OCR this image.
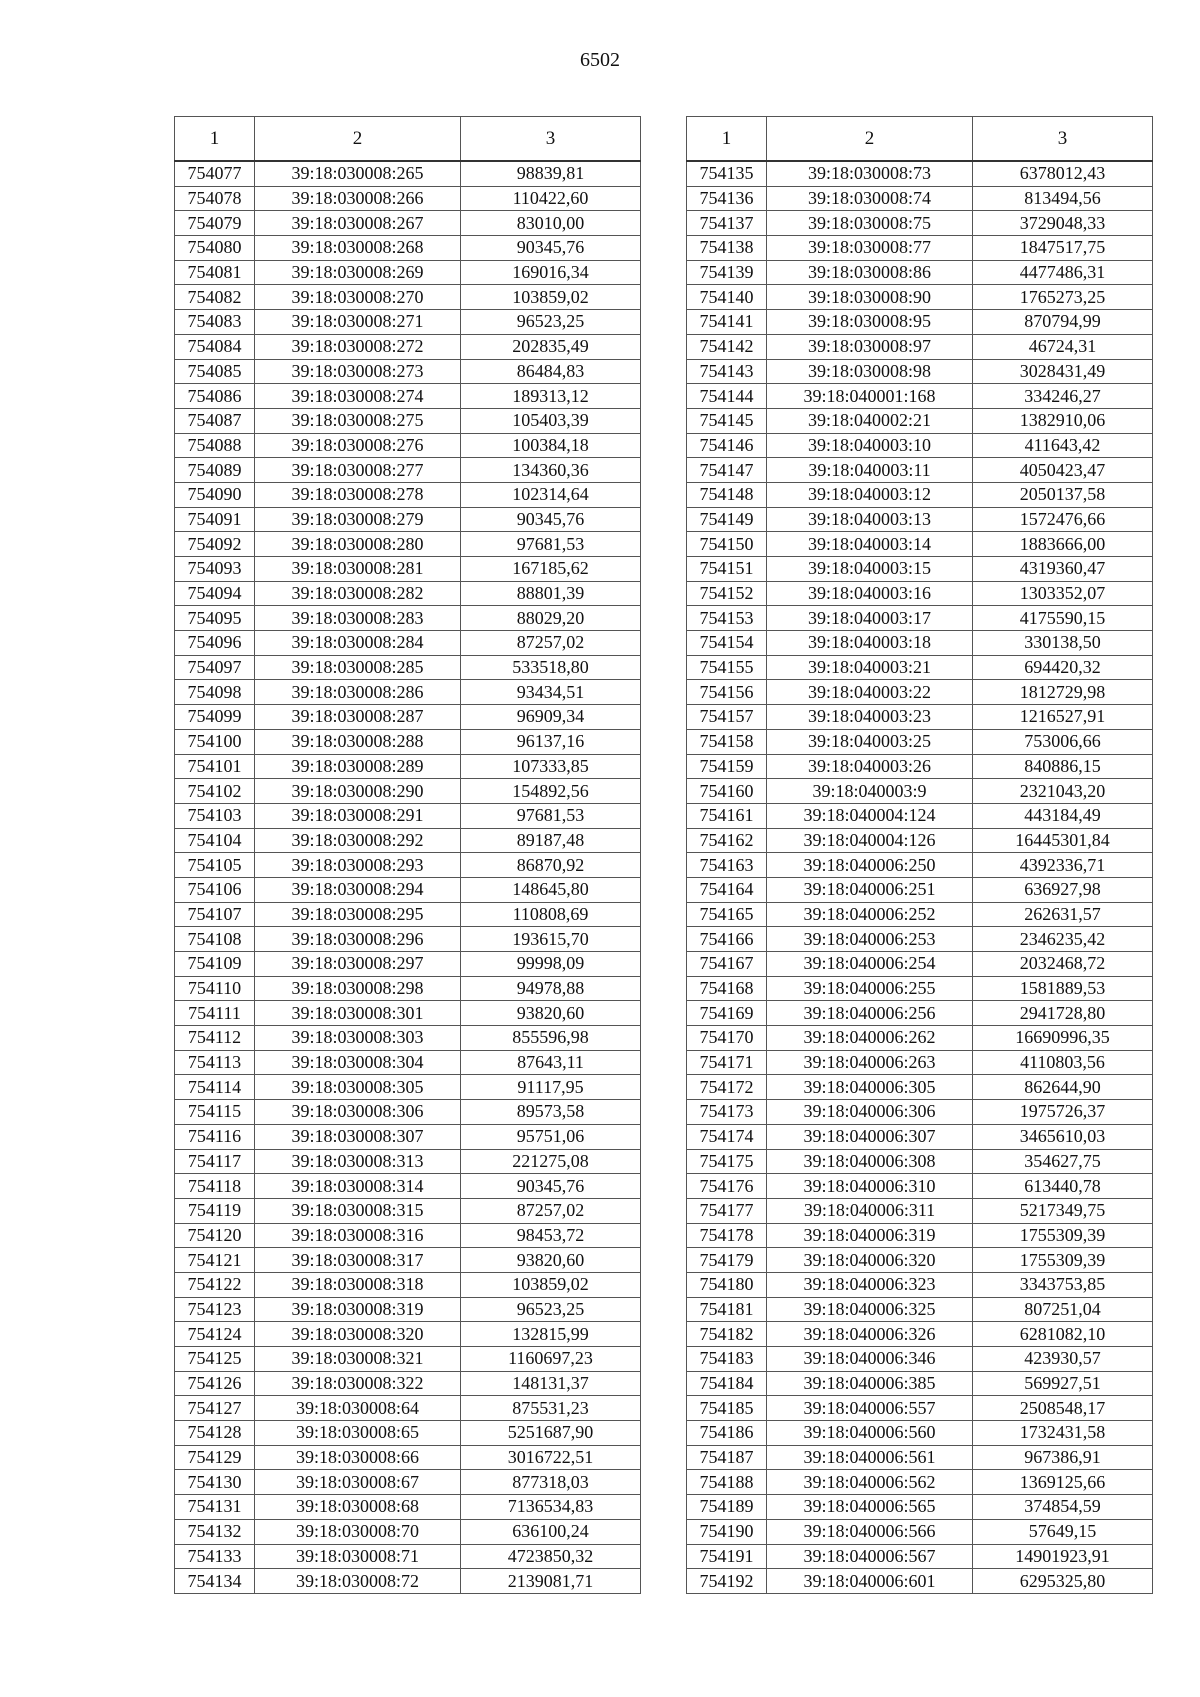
6502
1	2	3
754077	39:18:030008:265	98839,81
754078	39:18:030008:266	110422,60
754079	39:18:030008:267	83010,00
754080	39:18:030008:268	90345,76
754081	39:18:030008:269	169016,34
754082	39:18:030008:270	103859,02
754083	39:18:030008:271	96523,25
754084	39:18:030008:272	202835,49
754085	39:18:030008:273	86484,83
754086	39:18:030008:274	189313,12
754087	39:18:030008:275	105403,39
754088	39:18:030008:276	100384,18
754089	39:18:030008:277	134360,36
754090	39:18:030008:278	102314,64
754091	39:18:030008:279	90345,76
754092	39:18:030008:280	97681,53
754093	39:18:030008:281	167185,62
754094	39:18:030008:282	88801,39
754095	39:18:030008:283	88029,20
754096	39:18:030008:284	87257,02
754097	39:18:030008:285	533518,80
754098	39:18:030008:286	93434,51
754099	39:18:030008:287	96909,34
754100	39:18:030008:288	96137,16
754101	39:18:030008:289	107333,85
754102	39:18:030008:290	154892,56
754103	39:18:030008:291	97681,53
754104	39:18:030008:292	89187,48
754105	39:18:030008:293	86870,92
754106	39:18:030008:294	148645,80
754107	39:18:030008:295	110808,69
754108	39:18:030008:296	193615,70
754109	39:18:030008:297	99998,09
754110	39:18:030008:298	94978,88
754111	39:18:030008:301	93820,60
754112	39:18:030008:303	855596,98
754113	39:18:030008:304	87643,11
754114	39:18:030008:305	91117,95
754115	39:18:030008:306	89573,58
754116	39:18:030008:307	95751,06
754117	39:18:030008:313	221275,08
754118	39:18:030008:314	90345,76
754119	39:18:030008:315	87257,02
754120	39:18:030008:316	98453,72
754121	39:18:030008:317	93820,60
754122	39:18:030008:318	103859,02
754123	39:18:030008:319	96523,25
754124	39:18:030008:320	132815,99
754125	39:18:030008:321	1160697,23
754126	39:18:030008:322	148131,37
754127	39:18:030008:64	875531,23
754128	39:18:030008:65	5251687,90
754129	39:18:030008:66	3016722,51
754130	39:18:030008:67	877318,03
754131	39:18:030008:68	7136534,83
754132	39:18:030008:70	636100,24
754133	39:18:030008:71	4723850,32
754134	39:18:030008:72	2139081,71
1	2	3
754135	39:18:030008:73	6378012,43
754136	39:18:030008:74	813494,56
754137	39:18:030008:75	3729048,33
754138	39:18:030008:77	1847517,75
754139	39:18:030008:86	4477486,31
754140	39:18:030008:90	1765273,25
754141	39:18:030008:95	870794,99
754142	39:18:030008:97	46724,31
754143	39:18:030008:98	3028431,49
754144	39:18:040001:168	334246,27
754145	39:18:040002:21	1382910,06
754146	39:18:040003:10	411643,42
754147	39:18:040003:11	4050423,47
754148	39:18:040003:12	2050137,58
754149	39:18:040003:13	1572476,66
754150	39:18:040003:14	1883666,00
754151	39:18:040003:15	4319360,47
754152	39:18:040003:16	1303352,07
754153	39:18:040003:17	4175590,15
754154	39:18:040003:18	330138,50
754155	39:18:040003:21	694420,32
754156	39:18:040003:22	1812729,98
754157	39:18:040003:23	1216527,91
754158	39:18:040003:25	753006,66
754159	39:18:040003:26	840886,15
754160	39:18:040003:9	2321043,20
754161	39:18:040004:124	443184,49
754162	39:18:040004:126	16445301,84
754163	39:18:040006:250	4392336,71
754164	39:18:040006:251	636927,98
754165	39:18:040006:252	262631,57
754166	39:18:040006:253	2346235,42
754167	39:18:040006:254	2032468,72
754168	39:18:040006:255	1581889,53
754169	39:18:040006:256	2941728,80
754170	39:18:040006:262	16690996,35
754171	39:18:040006:263	4110803,56
754172	39:18:040006:305	862644,90
754173	39:18:040006:306	1975726,37
754174	39:18:040006:307	3465610,03
754175	39:18:040006:308	354627,75
754176	39:18:040006:310	613440,78
754177	39:18:040006:311	5217349,75
754178	39:18:040006:319	1755309,39
754179	39:18:040006:320	1755309,39
754180	39:18:040006:323	3343753,85
754181	39:18:040006:325	807251,04
754182	39:18:040006:326	6281082,10
754183	39:18:040006:346	423930,57
754184	39:18:040006:385	569927,51
754185	39:18:040006:557	2508548,17
754186	39:18:040006:560	1732431,58
754187	39:18:040006:561	967386,91
754188	39:18:040006:562	1369125,66
754189	39:18:040006:565	374854,59
754190	39:18:040006:566	57649,15
754191	39:18:040006:567	14901923,91
754192	39:18:040006:601	6295325,80
